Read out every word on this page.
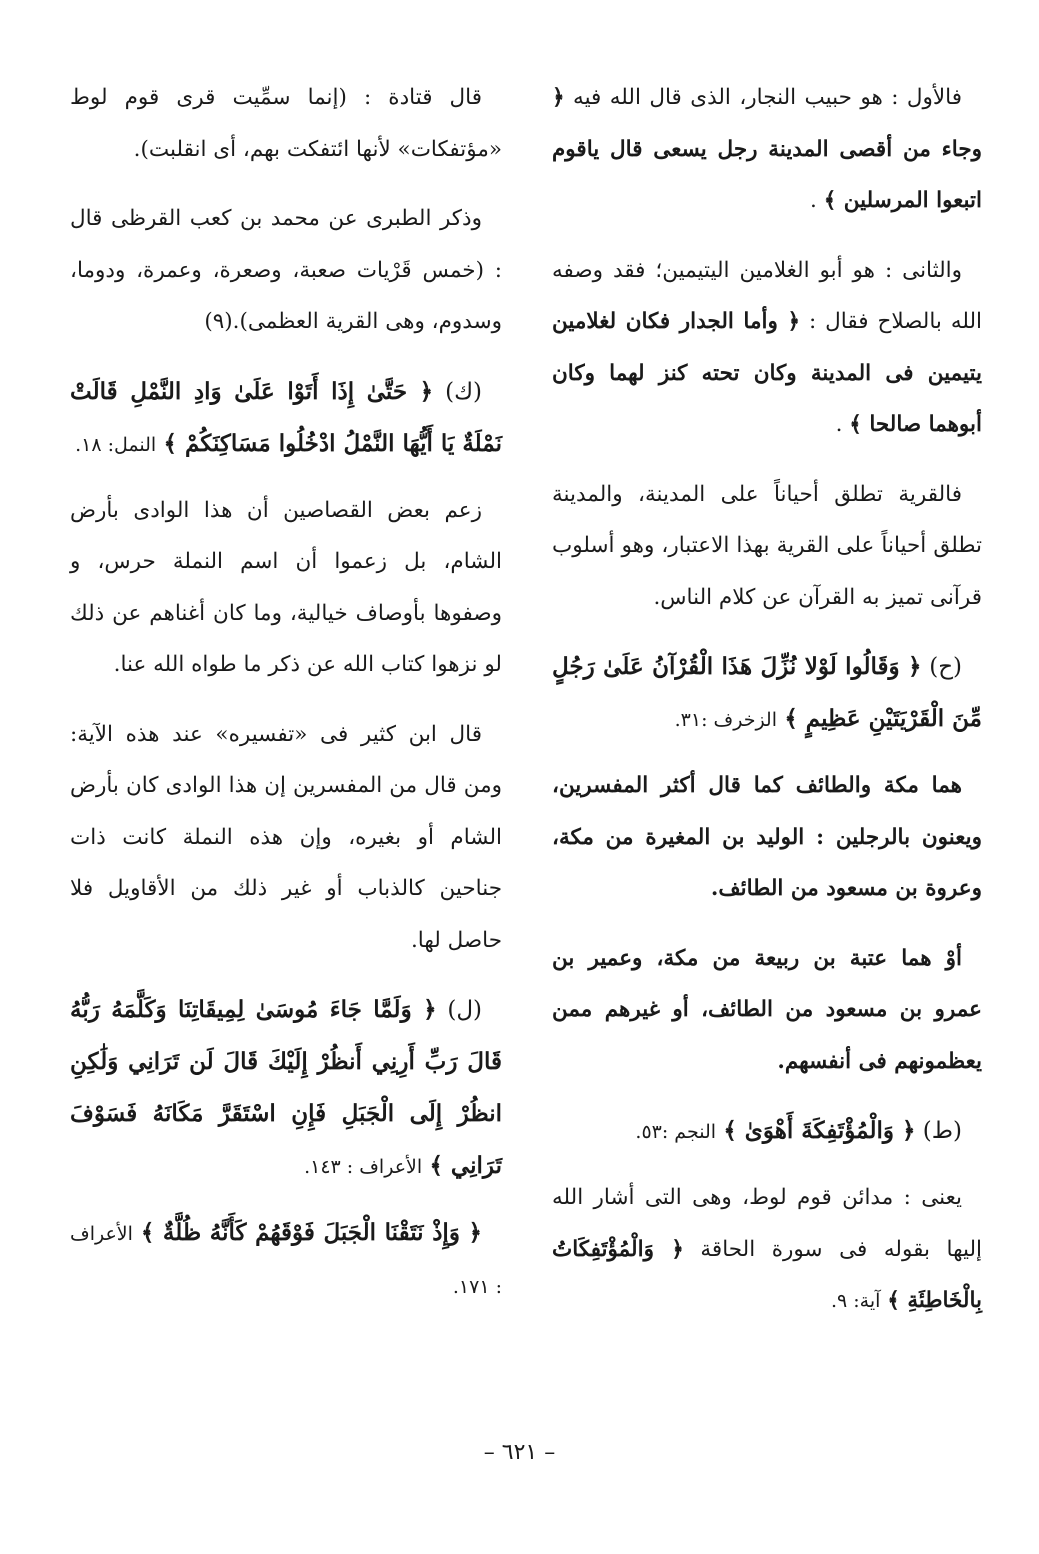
فالأول : هو حبيب النجار، الذى قال الله فيه ﴿ وجاء من أقصى المدينة رجل يسعى قال ياقوم اتبعوا المرسلين ﴾ .

والثانى : هو أبو الغلامين اليتيمين؛ فقد وصفه الله بالصلاح فقال : ﴿ وأما الجدار فكان لغلامين يتيمين فى المدينة وكان تحته كنز لهما وكان أبوهما صالحا ﴾ .

فالقرية تطلق أحياناً على المدينة، والمدينة تطلق أحياناً على القرية بهذا الاعتبار، وهو أسلوب قرآنى تميز به القرآن عن كلام الناس.

(ح) ﴿ وَقَالُوا لَوْلا نُزِّلَ هَذَا الْقُرْآنُ عَلَىٰ رَجُلٍ مِّنَ الْقَرْيَتَيْنِ عَظِيمٍ ﴾ الزخرف :٣١.

هما مكة والطائف كما قال أكثر المفسرين، ويعنون بالرجلين : الوليد بن المغيرة من مكة، وعروة بن مسعود من الطائف.

أوْ هما عتبة بن ربيعة من مكة، وعمير بن عمرو بن مسعود من الطائف، أو غيرهم ممن يعظمونهم فى أنفسهم.

(ط) ﴿ وَالْمُؤْتَفِكَةَ أَهْوَىٰ ﴾ النجم :٥٣.

يعنى : مدائن قوم لوط، وهى التى أشار الله إليها بقوله فى سورة الحاقة ﴿ وَالْمُؤْتَفِكَاتُ بِالْخَاطِئَةِ ﴾ آية: ٩.

قال قتادة : (إنما سمِّيت قرى قوم لوط «مؤتفكات» لأنها ائتفكت بهم، أى انقلبت).

وذكر الطبرى عن محمد بن كعب القرظى قال : (خمس قَرْيات صعبة، وصعرة، وعمرة، ودوما، وسدوم، وهى القرية العظمى).(٩)

(ك) ﴿ حَتَّىٰ إِذَا أَتَوْا عَلَىٰ وَادِ النَّمْلِ قَالَتْ نَمْلَةٌ يَا أَيُّهَا النَّمْلُ ادْخُلُوا مَسَاكِنَكُمْ ﴾ النمل: ١٨.

زعم بعض القصاصين أن هذا الوادى بأرض الشام، بل زعموا أن اسم النملة حرس، و وصفوها بأوصاف خيالية، وما كان أغناهم عن ذلك لو نزهوا كتاب الله عن ذكر ما طواه الله عنا.

قال ابن كثير فى «تفسيره» عند هذه الآية: ومن قال من المفسرين إن هذا الوادى كان بأرض الشام أو بغيره، وإن هذه النملة كانت ذات جناحين كالذباب أو غير ذلك من الأقاويل فلا حاصل لها.

(ل) ﴿ وَلَمَّا جَاءَ مُوسَىٰ لِمِيقَاتِنَا وَكَلَّمَهُ رَبُّهُ قَالَ رَبِّ أَرِنِي أَنظُرْ إِلَيْكَ قَالَ لَن تَرَانِي وَلَٰكِنِ انظُرْ إِلَى الْجَبَلِ فَإِنِ اسْتَقَرَّ مَكَانَهُ فَسَوْفَ تَرَانِي ﴾ الأعراف : ١٤٣.

﴿ وَإِذْ نَتَقْنَا الْجَبَلَ فَوْقَهُمْ كَأَنَّهُ ظُلَّةٌ ﴾ الأعراف : ١٧١.

– ٦٢١ –
